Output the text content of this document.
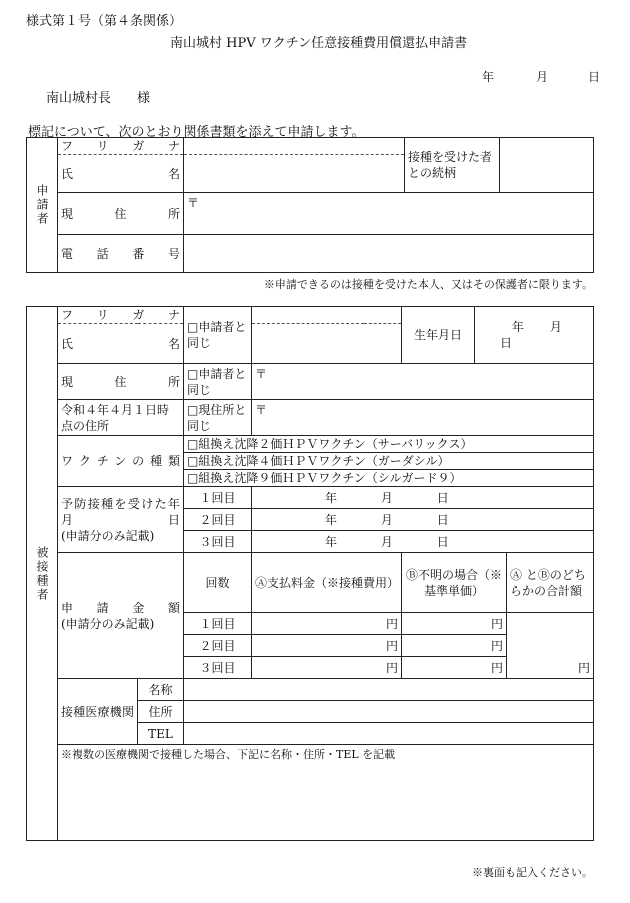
様式第１号（第４条関係）
南山城村 HPV ワクチン任意接種費用償還払申請書
年	月	日
南山城村長　　様
標記について、次のとおり関係書類を添えて申請します。
申請者	フ　リ　ガ　ナ		接種を受けた者との続柄	
	氏　　　　　名			
	現　　住　　所	〒		
	電　話　番　号			
※申請できるのは接種を受けた本人、又はその保護者に限ります。
被接種者	フ　リ　ガ　ナ		□申請者と同じ		生年月日	年 月 日	
	氏　　　　　名						
	現　　住　　所		□申請者と同じ	〒			
	令和４年４月１日時点の住所		□現住所と同じ	〒			
	ワクチンの種類		□組換え沈降２価ＨＰＶワクチン（サーバリックス）				
			□組換え沈降４価ＨＰＶワクチン（ガーダシル）				
			□組換え沈降９価ＨＰＶワクチン（シルガード９）				

	予防接種を受けた年月日
(申請分のみ記載)		１回目	年 月 日			
			２回目	年 月 日			
			３回目	年 月 日			

	申　請　金　額
(申請分のみ記載)		回数	Ⓐ支払料金（※接種費用）	Ⓑ不明の場合（※基準単価）		Ⓐ とⒷのどちらかの合計額
			１回目	円	円		円
			２回目	円	円		
			３回目	円	円		
	接種医療機関	名称					
		住所					
		TEL					
	※複数の医療機関で接種した場合、下記に名称・住所・TEL を記載						
※裏面も記入ください。
